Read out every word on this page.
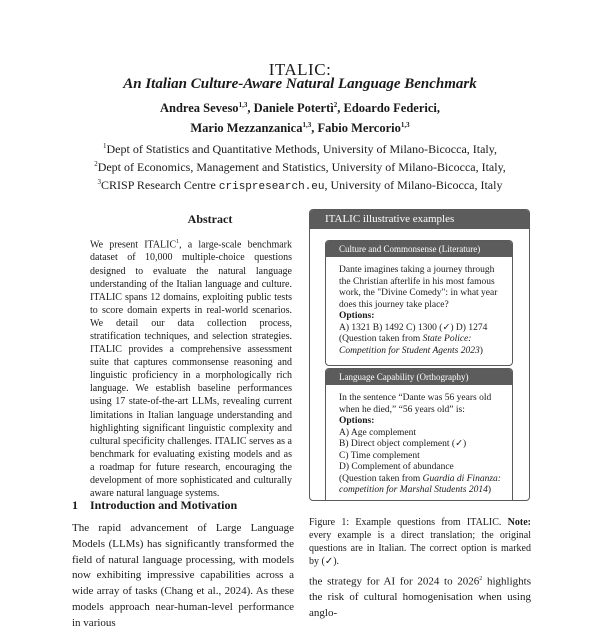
ITALIC:
An Italian Culture-Aware Natural Language Benchmark
Andrea Seveso$^{1,3}$, Daniele Potertì$^2$, Edoardo Federici,
Mario Mezzanzanica$^{1,3}$, Fabio Mercorio$^{1,3}$
$^1$Dept of Statistics and Quantitative Methods, University of Milano-Bicocca, Italy,
$^2$Dept of Economics, Management and Statistics, University of Milano-Bicocca, Italy,
$^3$CRISP Research Centre crispresearch.eu, University of Milano-Bicocca, Italy
Abstract
We present ITALIC$^1$, a large-scale benchmark dataset of 10,000 multiple-choice questions designed to evaluate the natural language understanding of the Italian language and culture. ITALIC spans 12 domains, exploiting public tests to score domain experts in real-world scenarios. We detail our data collection process, stratification techniques, and selection strategies. ITALIC provides a comprehensive assessment suite that captures commonsense reasoning and linguistic proficiency in a morphologically rich language. We establish baseline performances using 17 state-of-the-art LLMs, revealing current limitations in Italian language understanding and highlighting significant linguistic complexity and cultural specificity challenges. ITALIC serves as a benchmark for evaluating existing models and as a roadmap for future research, encouraging the development of more sophisticated and culturally aware natural language systems.
1 Introduction and Motivation
The rapid advancement of Large Language Models (LLMs) has significantly transformed the field of natural language processing, with models now exhibiting impressive capabilities across a wide array of tasks (Chang et al., 2024). As these models approach near-human-level performance in various
ITALIC illustrative examples
Culture and Commonsense (Literature)
Dante imagines taking a journey through the Christian afterlife in his most famous work, the "Divine Comedy": in what year does this journey take place?
Options:
A) 1321 B) 1492 C) 1300 (✓) D) 1274
(Question taken from State Police: Competition for Student Agents 2023)
Language Capability (Orthography)
In the sentence “Dante was 56 years old when he died,” “56 years old” is:
Options:
A) Age complement
B) Direct object complement (✓)
C) Time complement
D) Complement of abundance
(Question taken from Guardia di Finanza: competition for Marshal Students 2014)
Figure 1: Example questions from ITALIC. Note: every example is a direct translation; the original questions are in Italian. The correct option is marked by (✓).
the strategy for AI for 2024 to 2026$^2$ highlights the risk of cultural homogenisation when using anglo-
